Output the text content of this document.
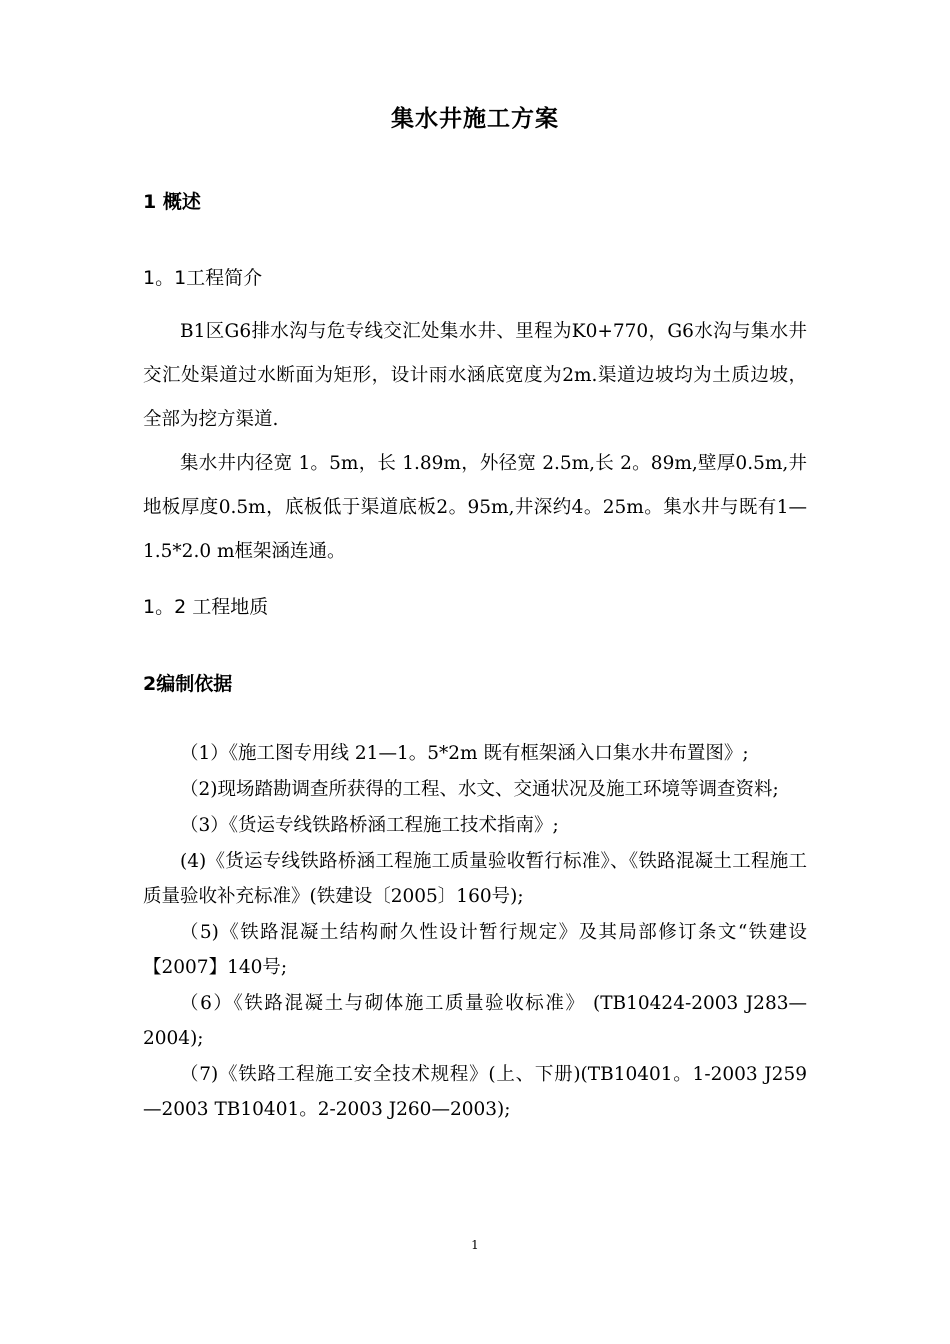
集水井施工方案
1 概述
1。1工程简介

B1区G6排水沟与危专线交汇处集水井、里程为K0+770，G6水沟与集水井交汇处渠道过水断面为矩形，设计雨水涵底宽度为2m.渠道边坡均为土质边坡，全部为挖方渠道.

集水井内径宽 1。5m，长 1.89m，外径宽 2.5m,长 2。89m,壁厚0.5m,井地板厚度0.5m，底板低于渠道底板2。95m,井深约4。25m。集水井与既有1—1.5*2.0 m框架涵连通。

1。2 工程地质
2编制依据

（1）《施工图专用线 21—1。5*2m 既有框架涵入口集水井布置图》;

（2)现场踏勘调查所获得的工程、水文、交通状况及施工环境等调查资料;

（3）《货运专线铁路桥涵工程施工技术指南》;

(4)《货运专线铁路桥涵工程施工质量验收暂行标准》、《铁路混凝土工程施工质量验收补充标准》(铁建设〔2005〕160号);

（5)《铁路混凝土结构耐久性设计暂行规定》及其局部修订条文“铁建设【2007】140号;

（6）《铁路混凝土与砌体施工质量验收标准》 (TB10424-2003 J283—2004);

（7)《铁路工程施工安全技术规程》(上、下册)(TB10401。1-2003 J259—2003 TB10401。2-2003 J260—2003);

1
